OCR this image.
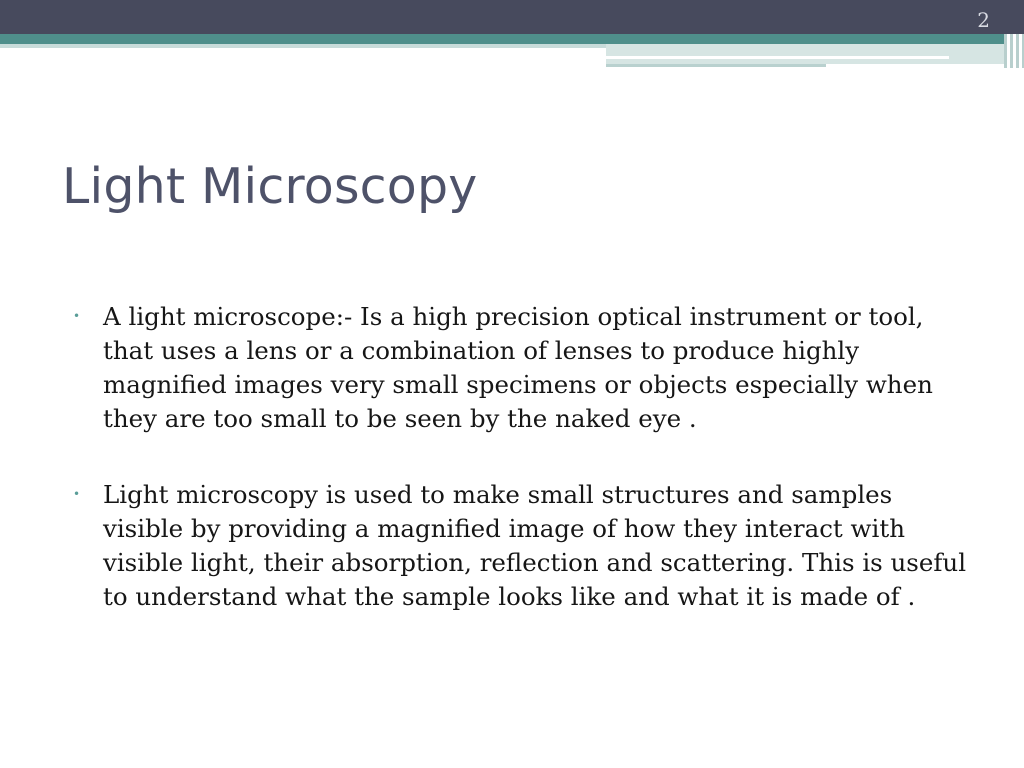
2
Light Microscopy
• A light microscope:- Is a high precision optical instrument or tool, that uses a lens or a combination of lenses to produce highly magnified images very small specimens or objects especially when they are too small to be seen by the naked eye .
• Light microscopy is used to make small structures and samples visible by providing a magnified image of how they interact with visible light, their absorption, reflection and scattering. This is useful to understand what the sample looks like and what it is made of .
